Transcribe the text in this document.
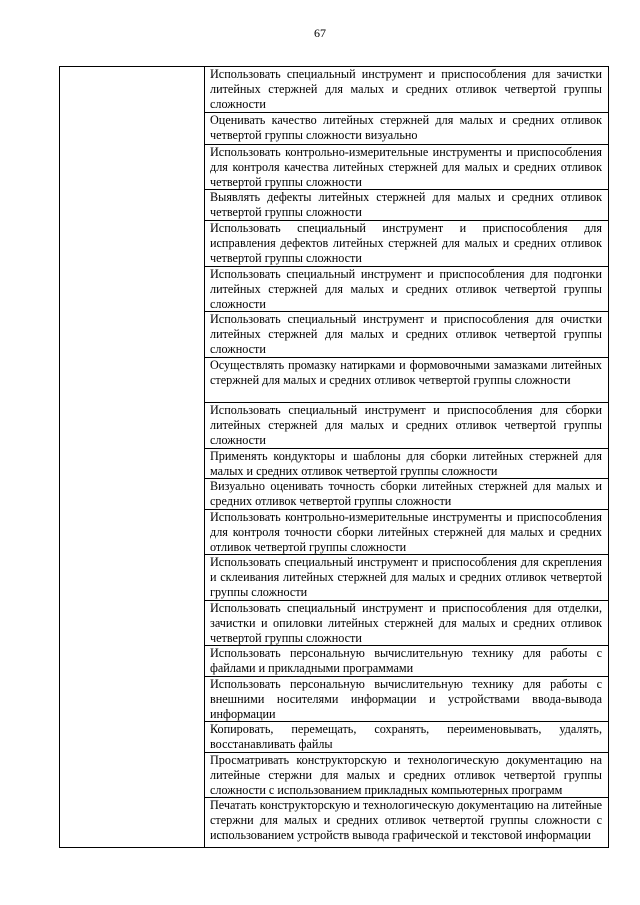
67
Использовать специальный инструмент и приспособления для зачистки литейных стержней для малых и средних отливок четвертой группы сложности
Оценивать качество литейных стержней для малых и средних отливок четвертой группы сложности визуально
Использовать контрольно-измерительные инструменты и приспособления для контроля качества литейных стержней для малых и средних отливок четвертой группы сложности
Выявлять дефекты литейных стержней для малых и средних отливок четвертой группы сложности
Использовать специальный инструмент и приспособления для исправления дефектов литейных стержней для малых и средних отливок четвертой группы сложности
Использовать специальный инструмент и приспособления для подгонки литейных стержней для малых и средних отливок четвертой группы сложности
Использовать специальный инструмент и приспособления для очистки литейных стержней для малых и средних отливок четвертой группы сложности
Осуществлять промазку натирками и формовочными замазками литейных стержней для малых и средних отливок четвертой группы сложности
Использовать специальный инструмент и приспособления для сборки литейных стержней для малых и средних отливок четвертой группы сложности
Применять кондукторы и шаблоны для сборки литейных стержней для малых и средних отливок четвертой группы сложности
Визуально оценивать точность сборки литейных стержней для малых и средних отливок четвертой группы сложности
Использовать контрольно-измерительные инструменты и приспособления для контроля точности сборки литейных стержней для малых и средних отливок четвертой группы сложности
Использовать специальный инструмент и приспособления для скрепления и склеивания литейных стержней для малых и средних отливок четвертой группы сложности
Использовать специальный инструмент и приспособления для отделки, зачистки и опиловки литейных стержней для малых и средних отливок четвертой группы сложности
Использовать персональную вычислительную технику для работы с файлами и прикладными программами
Использовать персональную вычислительную технику для работы с внешними носителями информации и устройствами ввода-вывода информации
Копировать, перемещать, сохранять, переименовывать, удалять, восстанавливать файлы
Просматривать конструкторскую и технологическую документацию на литейные стержни для малых и средних отливок четвертой группы сложности с использованием прикладных компьютерных программ
Печатать конструкторскую и технологическую документацию на литейные стержни для малых и средних отливок четвертой группы сложности с использованием устройств вывода графической и текстовой информации
